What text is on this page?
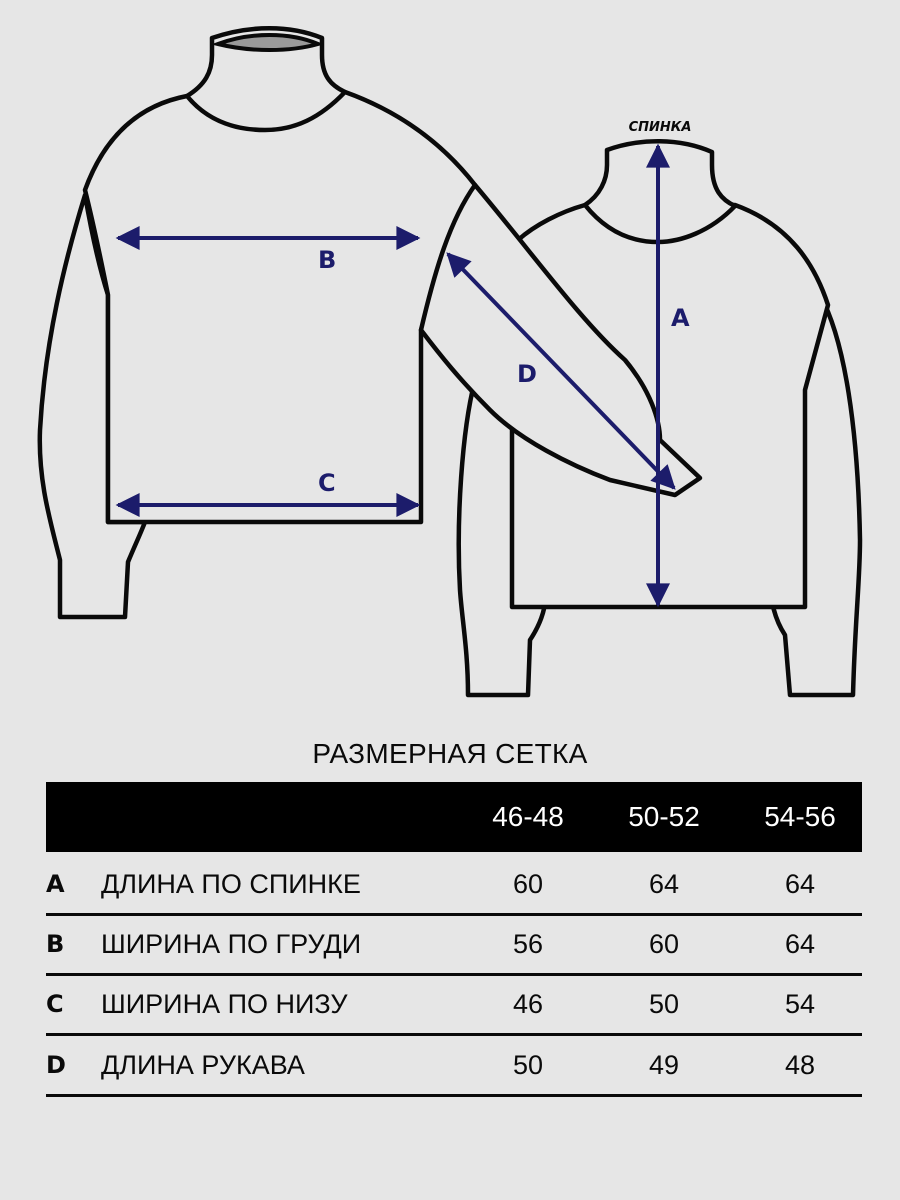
B
C
D
A
СПИНКА
РАЗМЕРНАЯ СЕТКА
46-48	50-52	54-56
A ДЛИНА ПО СПИНКЕ	60	64	64
B ШИРИНА ПО ГРУДИ	56	60	64
C ШИРИНА ПО НИЗУ	46	50	54
D ДЛИНА РУКАВА	50	49	48
